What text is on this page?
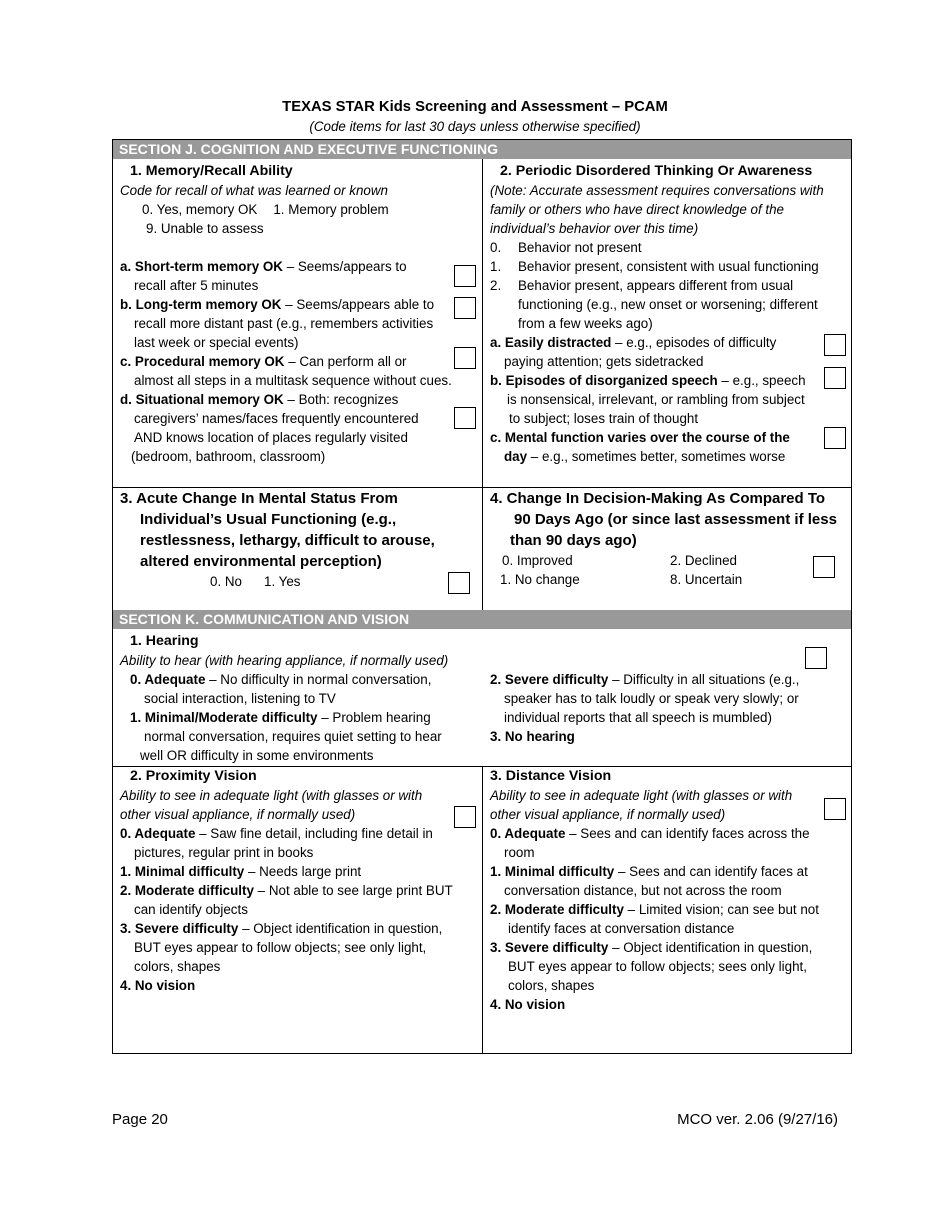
TEXAS STAR Kids Screening and Assessment – PCAM
(Code items for last 30 days unless otherwise specified)
SECTION J. COGNITION AND EXECUTIVE FUNCTIONING
1. Memory/Recall Ability
Code for recall of what was learned or known
0. Yes, memory OK 1. Memory problem
9. Unable to assess
a. Short-term memory OK – Seems/appears to
recall after 5 minutes
b. Long-term memory OK – Seems/appears able to
recall more distant past (e.g., remembers activities
last week or special events)
c. Procedural memory OK – Can perform all or
almost all steps in a multitask sequence without cues.
d. Situational memory OK – Both: recognizes
caregivers’ names/faces frequently encountered
AND knows location of places regularly visited
(bedroom, bathroom, classroom)
2. Periodic Disordered Thinking Or Awareness
(Note: Accurate assessment requires conversations with
family or others who have direct knowledge of the
individual’s behavior over this time)
0. Behavior not present
1. Behavior present, consistent with usual functioning
2. Behavior present, appears different from usual
functioning (e.g., new onset or worsening; different
from a few weeks ago)
a. Easily distracted – e.g., episodes of difficulty
paying attention; gets sidetracked
b. Episodes of disorganized speech – e.g., speech
is nonsensical, irrelevant, or rambling from subject
to subject; loses train of thought
c. Mental function varies over the course of the
day – e.g., sometimes better, sometimes worse
3. Acute Change In Mental Status From
Individual’s Usual Functioning (e.g.,
restlessness, lethargy, difficult to arouse,
altered environmental perception)
0. No 1. Yes
4. Change In Decision-Making As Compared To
90 Days Ago (or since last assessment if less
than 90 days ago)
0. Improved	2. Declined
1. No change	8. Uncertain
SECTION K. COMMUNICATION AND VISION
1. Hearing
Ability to hear (with hearing appliance, if normally used)
0. Adequate – No difficulty in normal conversation,
social interaction, listening to TV
1. Minimal/Moderate difficulty – Problem hearing
normal conversation, requires quiet setting to hear
well OR difficulty in some environments
2. Severe difficulty – Difficulty in all situations (e.g.,
speaker has to talk loudly or speak very slowly; or
individual reports that all speech is mumbled)
3. No hearing
2. Proximity Vision
Ability to see in adequate light (with glasses or with
other visual appliance, if normally used)
0. Adequate – Saw fine detail, including fine detail in
pictures, regular print in books
1. Minimal difficulty – Needs large print
2. Moderate difficulty – Not able to see large print BUT
can identify objects
3. Severe difficulty – Object identification in question,
BUT eyes appear to follow objects; see only light,
colors, shapes
4. No vision
3. Distance Vision
Ability to see in adequate light (with glasses or with
other visual appliance, if normally used)
0. Adequate – Sees and can identify faces across the
room
1. Minimal difficulty – Sees and can identify faces at
conversation distance, but not across the room
2. Moderate difficulty – Limited vision; can see but not
identify faces at conversation distance
3. Severe difficulty – Object identification in question,
BUT eyes appear to follow objects; sees only light,
colors, shapes
4. No vision
Page 20	MCO ver. 2.06 (9/27/16)
